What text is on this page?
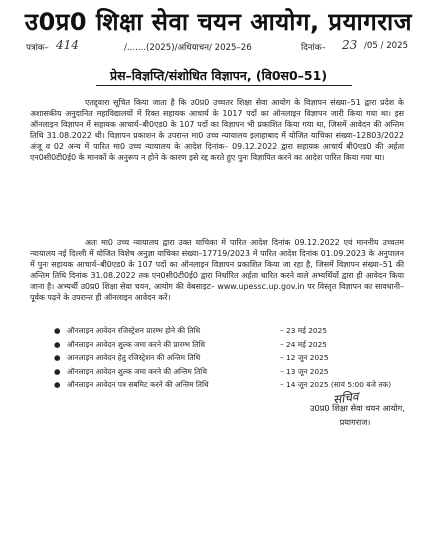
उ0प्र0 शिक्षा सेवा चयन आयोग, प्रयागराज
पत्रांक– 414	/.......(2025)/अधियाचन/ 2025–26	दिनांक– 23 /05 / 2025
प्रेस–विज्ञप्ति/संशोधित विज्ञापन, (वि0स0–51)
एतद्द्वारा सूचित किया जाता है कि उ0प्र0 उच्चतर शिक्षा सेवा आयोग के विज्ञापन संख्या–51 द्वारा प्रदेश के अशासकीय अनुदानित महाविद्यालयों में रिक्त सहायक आचार्य के 1017 पदों का ऑनलाइन विज्ञापन जारी किया गया था। इस ऑनलाइन विज्ञापन में सहायक आचार्य–बी0एड0 के 107 पदों का विज्ञापन भी प्रकाशित किया गया था, जिसमें आवेदन की अन्तिम तिथि 31.08.2022 थी। विज्ञापन प्रकाशन के उपरान्त मा0 उच्च न्यायालय इलाहाबाद में योजित याचिका संख्या–12803/2022 अंजू व 02 अन्य में पारित मा0 उच्च न्यायालय के आदेश दिनांक– 09.12.2022 द्वारा सहायक आचार्य बी0एड0 की अर्हता एन0सी0टी0ई0 के मानकों के अनुरूप न होने के कारण इसे रद्द करते हुए पुनः विज्ञापित करने का आदेश पारित किया गया था।
अतः मा0 उच्च न्यायालय द्वारा उक्त याचिका में पारित आदेश दिनांक 09.12.2022 एवं माननीय उच्चतम न्यायालय नई दिल्ली में योजित विशेष अनुज्ञा याचिका संख्या–17719/2023 में पारित आदेश दिनांक 01.09.2023 के अनुपालन में पुनः सहायक आचार्य–बी0एड0 के 107 पदों का ऑनलाइन विज्ञापन प्रकाशित किया जा रहा है, जिसमें विज्ञापन संख्या–51 की अन्तिम तिथि दिनांक 31.08.2022 तक एन0सी0टी0ई0 द्वारा निर्धारित अर्हता धारित करने वाले अभ्यर्थियों द्वारा ही आवेदन किया जाना है। अभ्यर्थी उ0प्र0 शिक्षा सेवा चयन, आयोग की वेबसाइट– www.upessc.up.gov.in पर विस्तृत विज्ञापन का सावधानी–पूर्वक पढ़ने के उपरान्त ही ऑनलाइन आवेदन करें।
● ऑनलाइन आवेदन रजिस्ट्रेशन प्रारम्भ होने की तिथि	– 23 मई 2025
● ऑनलाइन आवेदन शुल्क जमा करने की प्रारम्भ तिथि	– 24 मई 2025
● आनलाइन आवेदन हेतु रजिस्ट्रेशन की अन्तिम तिथि	– 12 जून 2025
● ऑनलाइन आवेदन शुल्क जमा करने की अन्तिम तिथि	– 13 जून 2025
● ऑनलाइन आवेदन पत्र सबमिट करने की अन्तिम तिथि	– 14 जून 2025 (सायं 5:00 बजे तक)
सचिव
उ0प्र0 शिक्षा सेवा चयन आयोग,
प्रयागराज।
